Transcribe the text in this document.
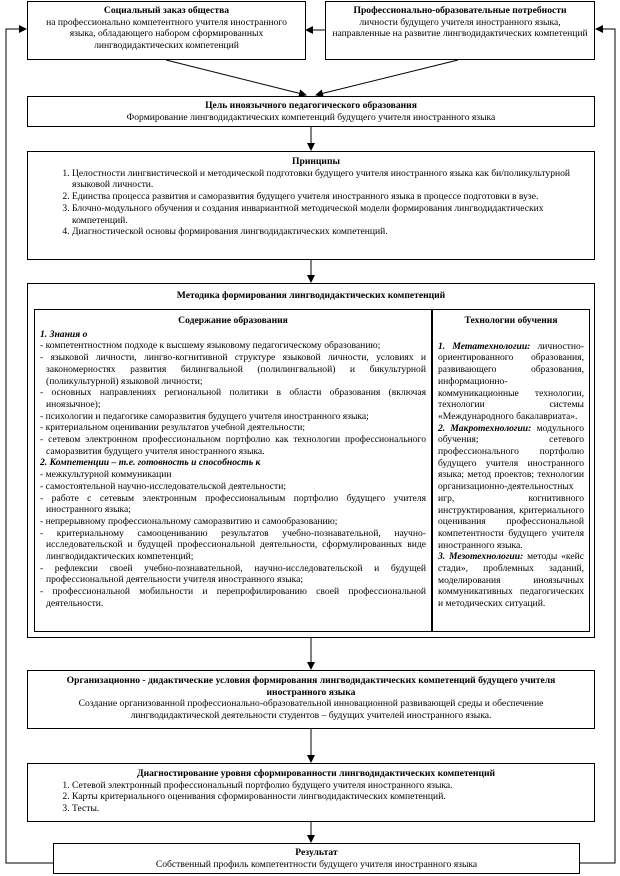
Социальный заказ общества
на профессионально компетентного учителя иностранного языка, обладающего набором сформированных лингводидактических компетенций
Профессионально-образовательные потребности
личности будущего учителя иностранного языка, направленные на развитие лингводидактических компетенций
Цель иноязычного педагогического образования
Формирование лингводидактических компетенций будущего учителя иностранного языка
Принципы
1. Целостности лингвистической и методической подготовки будущего учителя иностранного языка как би/поликультурной языковой личности.
2. Единства процесса развития и саморазвития будущего учителя иностранного языка в процессе подготовки в вузе.
3. Блочно-модульного обучения и создания инвариантной методической модели формирования лингводидактических компетенций.
4. Диагностической основы формирования лингводидактических компетенций.
Методика формирования лингводидактических компетенций
Содержание образования
1. Знания о
- компетентностном подходе к высшему языковому педагогическому образованию;
- языковой личности, лингво-когнитивной структуре языковой личности, условиях и закономерностях развития билингвальной (полилингвальной) и бикультурной (поликультурной) языковой личности;
- основных направлениях региональной политики в области образования (включая иноязычное);
- психологии и педагогике саморазвития будущего учителя иностранного языка;
- критериальном оценивании результатов учебной деятельности;
- сетевом электронном профессиональном портфолио как технологии профессионального саморазвития будущего учителя иностранного языка.
2. Компетенции – т.е. готовность и способность к
- межкультурной коммуникации
- самостоятельной научно-исследовательской деятельности;
- работе с сетевым электронным профессиональным портфолио будущего учителя иностранного языка;
- непрерывному профессиональному саморазвитию и самообразованию;
- критериальному самооцениванию результатов учебно-познавательной, научно-исследовательской и будущей профессиональной деятельности, сформулированных виде лингводидактических компетенций;
- рефлексии своей учебно-познавательной, научно-исследовательской и будущей профессиональной деятельности учителя иностранного языка;
- профессиональной мобильности и перепрофилированию своей профессиональной деятельности.
Технологии обучения
1. Метатехнологии: личностно-ориентированного образования, развивающего образования, информационно-коммуникационные технологии, технологии системы «Международного бакалавриата».
2. Макротехнологии: модульного обучения; сетевого профессионального портфолио будущего учителя иностранного языка; метод проектов; технологии организационно-деятельностных игр, когнитивного инструктирования, критериального оценивания профессиональной компетентности будущего учителя иностранного языка.
3. Мезотехнологии: методы «кейс стади», проблемных заданий, моделирования иноязычных коммуникативных педагогических и методических ситуаций.
Организационно - дидактические условия формирования лингводидактических компетенций будущего учителя иностранного языка
Создание организованной профессионально-образовательной инновационной развивающей среды и обеспечение лингводидактической деятельности студентов – будущих учителей иностранного языка.
Диагностирование уровня сформированности лингводидактических компетенций
1. Сетевой электронный профессиональный портфолио будущего учителя иностранного языка.
2. Карты критериального оценивания сформированности лингводидактических компетенций.
3. Тесты.
Результат
Собственный профиль компетентности будущего учителя иностранного языка
